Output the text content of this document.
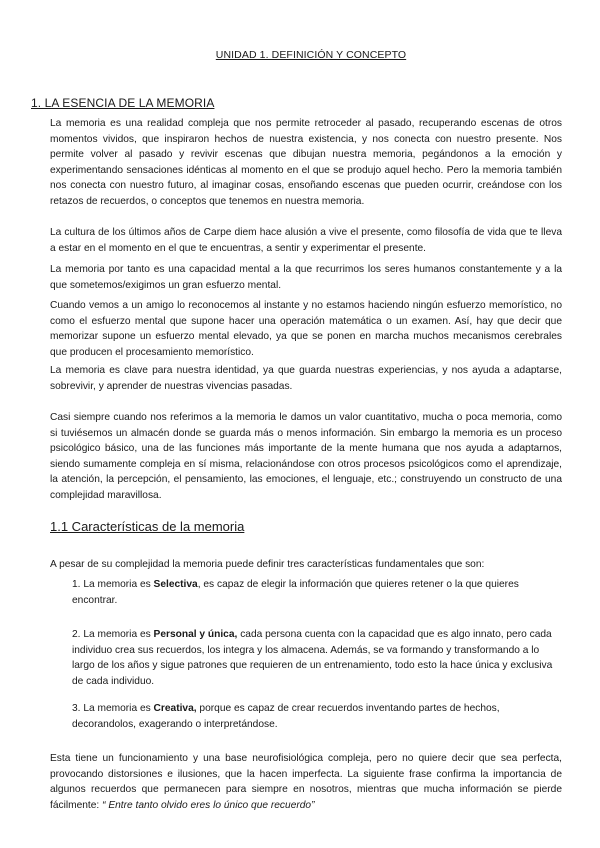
UNIDAD 1. DEFINICIÓN Y CONCEPTO
1. LA ESENCIA DE LA MEMORIA

La memoria es una realidad compleja que nos permite retroceder al pasado, recuperando escenas de otros momentos vividos, que inspiraron hechos de nuestra existencia, y nos conecta con nuestro presente. Nos permite volver al pasado y revivir escenas que dibujan nuestra memoria, pegándonos a la emoción y experimentando sensaciones idénticas al momento en el que se produjo aquel hecho. Pero la memoria también nos conecta con nuestro futuro, al imaginar cosas, ensoñando escenas que pueden ocurrir, creándose con los retazos de recuerdos, o conceptos que tenemos en nuestra memoria.

La cultura de los últimos años de Carpe diem hace alusión a vive el presente, como filosofía de vida que te lleva a estar en el momento en el que te encuentras, a sentir y experimentar el presente.

La memoria por tanto es una capacidad mental a la que recurrimos los seres humanos constantemente y a la que sometemos/exigimos un gran esfuerzo mental.

Cuando vemos a un amigo lo reconocemos al instante y no estamos haciendo ningún esfuerzo memorístico, no como el esfuerzo mental que supone hacer una operación matemática o un examen. Así, hay que decir que memorizar supone un esfuerzo mental elevado, ya que se ponen en marcha muchos mecanismos cerebrales que producen el procesamiento memorístico.

La memoria es clave para nuestra identidad, ya que guarda nuestras experiencias, y nos ayuda a adaptarse, sobrevivir, y aprender de nuestras vivencias pasadas.

Casi siempre cuando nos referimos a la memoria le damos un valor cuantitativo, mucha o poca memoria, como si tuviésemos un almacén donde se guarda más o menos información. Sin embargo la memoria es un proceso psicológico básico, una de las funciones más importante de la mente humana que nos ayuda a adaptarnos, siendo sumamente compleja en sí misma, relacionándose con otros procesos psicológicos como el aprendizaje, la atención, la percepción, el pensamiento, las emociones, el lenguaje, etc.; construyendo un constructo de una complejidad maravillosa.

1.1 Características de la memoria
A pesar de su complejidad la memoria puede definir tres características fundamentales que son:

1. La memoria es Selectiva, es capaz de elegir la información que quieres retener o la que quieres encontrar.

2. La memoria es Personal y única, cada persona cuenta con la capacidad que es algo innato, pero cada individuo crea sus recuerdos, los integra y los almacena. Además, se va formando y transformando a lo largo de los años y sigue patrones que requieren de un entrenamiento, todo esto la hace única y exclusiva de cada individuo.

3. La memoria es Creativa, porque es capaz de crear recuerdos inventando partes de hechos, decorandolos, exagerando o interpretándose.

Esta tiene un funcionamiento y una base neurofisiológica compleja, pero no quiere decir que sea perfecta, provocando distorsiones e ilusiones, que la hacen imperfecta. La siguiente frase confirma la importancia de algunos recuerdos que permanecen para siempre en nosotros, mientras que mucha información se pierde fácilmente: “ Entre tanto olvido eres lo único que recuerdo”
